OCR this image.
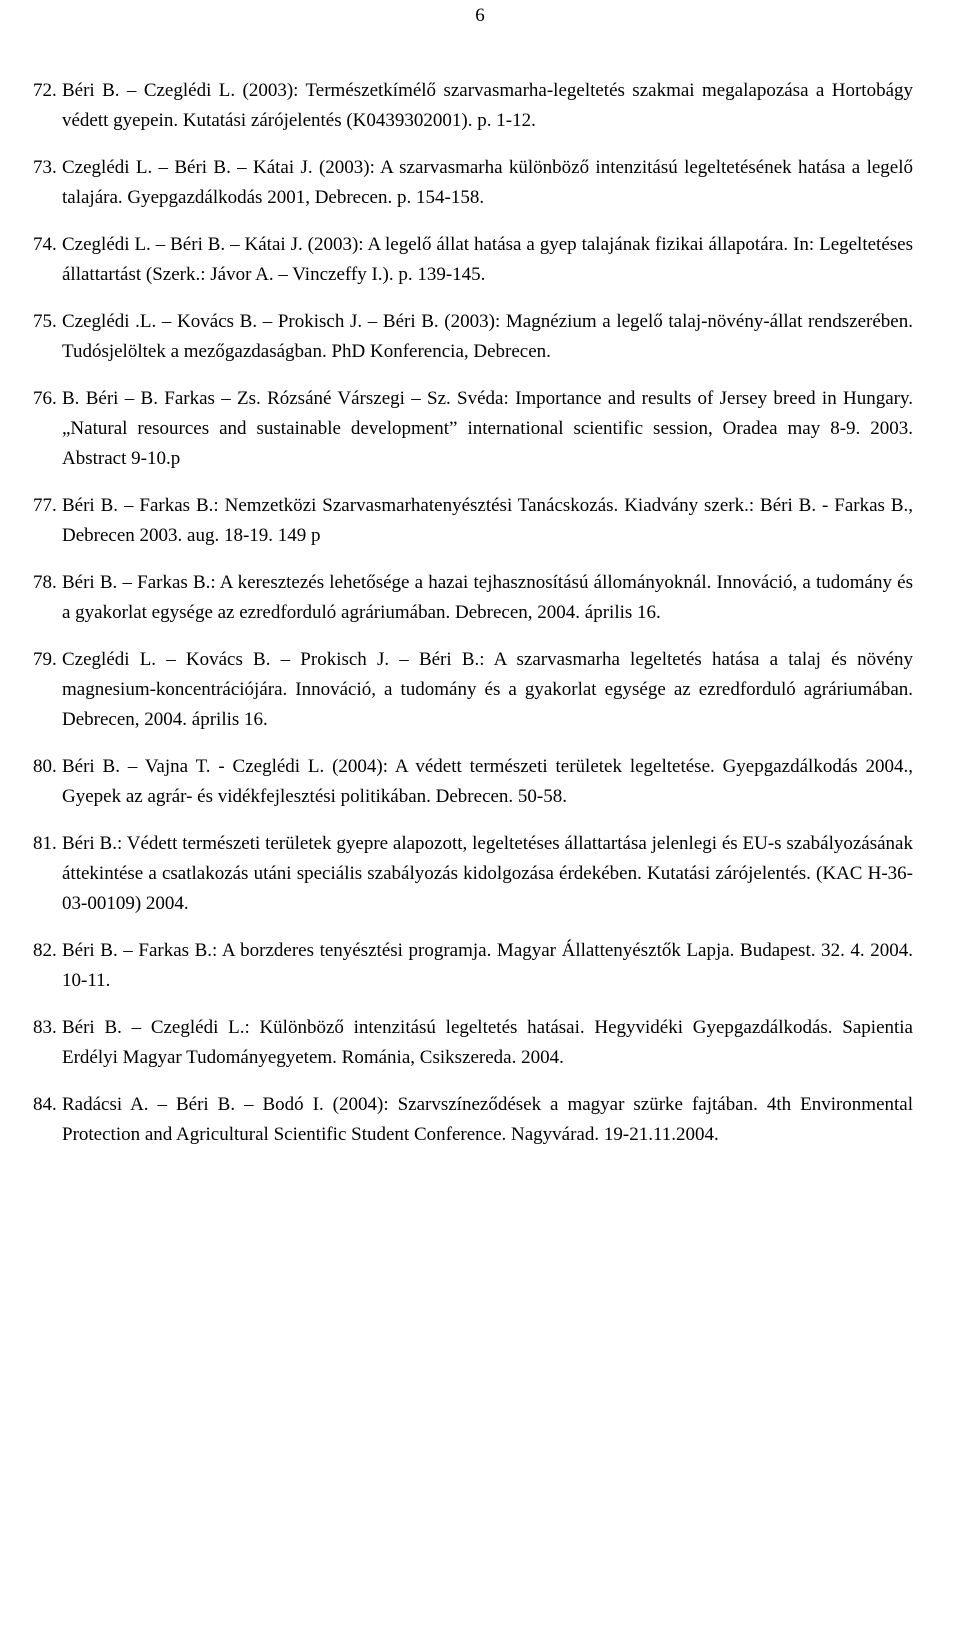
6
72. Béri B. – Czeglédi L. (2003): Természetkímélő szarvasmarha-legeltetés szakmai megalapozása a Hortobágy védett gyepein. Kutatási zárójelentés (K0439302001). p. 1-12.
73. Czeglédi L. – Béri B. – Kátai J. (2003): A szarvasmarha különböző intenzitású legeltetésének hatása a legelő talajára. Gyepgazdálkodás 2001, Debrecen. p. 154-158.
74. Czeglédi L. – Béri B. – Kátai J. (2003): A legelő állat hatása a gyep talajának fizikai állapotára. In: Legeltetéses állattartást (Szerk.: Jávor A. – Vinczeffy I.). p. 139-145.
75. Czeglédi .L. – Kovács B. – Prokisch J. – Béri B. (2003): Magnézium a legelő talaj-növény-állat rendszerében. Tudósjelöltek a mezőgazdaságban. PhD Konferencia, Debrecen.
76. B. Béri – B. Farkas – Zs. Rózsáné Várszegi – Sz. Svéda: Importance and results of Jersey breed in Hungary. „Natural resources and sustainable development” international scientific session, Oradea may 8-9. 2003. Abstract 9-10.p
77. Béri B. – Farkas B.: Nemzetközi Szarvasmarhatenyésztési Tanácskozás. Kiadvány szerk.: Béri B. - Farkas B., Debrecen 2003. aug. 18-19. 149 p
78. Béri B. – Farkas B.: A keresztezés lehetősége a hazai tejhasznosítású állományoknál. Innováció, a tudomány és a gyakorlat egysége az ezredforduló agráriumában. Debrecen, 2004. április 16.
79. Czeglédi L. – Kovács B. – Prokisch J. – Béri B.: A szarvasmarha legeltetés hatása a talaj és növény magnesium-koncentrációjára. Innováció, a tudomány és a gyakorlat egysége az ezredforduló agráriumában. Debrecen, 2004. április 16.
80. Béri B. – Vajna T. - Czeglédi L. (2004): A védett természeti területek legeltetése. Gyepgazdálkodás 2004., Gyepek az agrár- és vidékfejlesztési politikában. Debrecen. 50-58.
81. Béri B.: Védett természeti területek gyepre alapozott, legeltetéses állattartása jelenlegi és EU-s szabályozásának áttekintése a csatlakozás utáni speciális szabályozás kidolgozása érdekében. Kutatási zárójelentés. (KAC H-36-03-00109) 2004.
82. Béri B. – Farkas B.: A borzderes tenyésztési programja. Magyar Állattenyésztők Lapja. Budapest. 32. 4. 2004. 10-11.
83. Béri B. – Czeglédi L.: Különböző intenzitású legeltetés hatásai. Hegyvidéki Gyepgazdálkodás. Sapientia Erdélyi Magyar Tudományegyetem. Románia, Csikszereda. 2004.
84. Radácsi A. – Béri B. – Bodó I. (2004): Szarvszíneződések a magyar szürke fajtában. 4th Environmental Protection and Agricultural Scientific Student Conference. Nagyvárad. 19-21.11.2004.
